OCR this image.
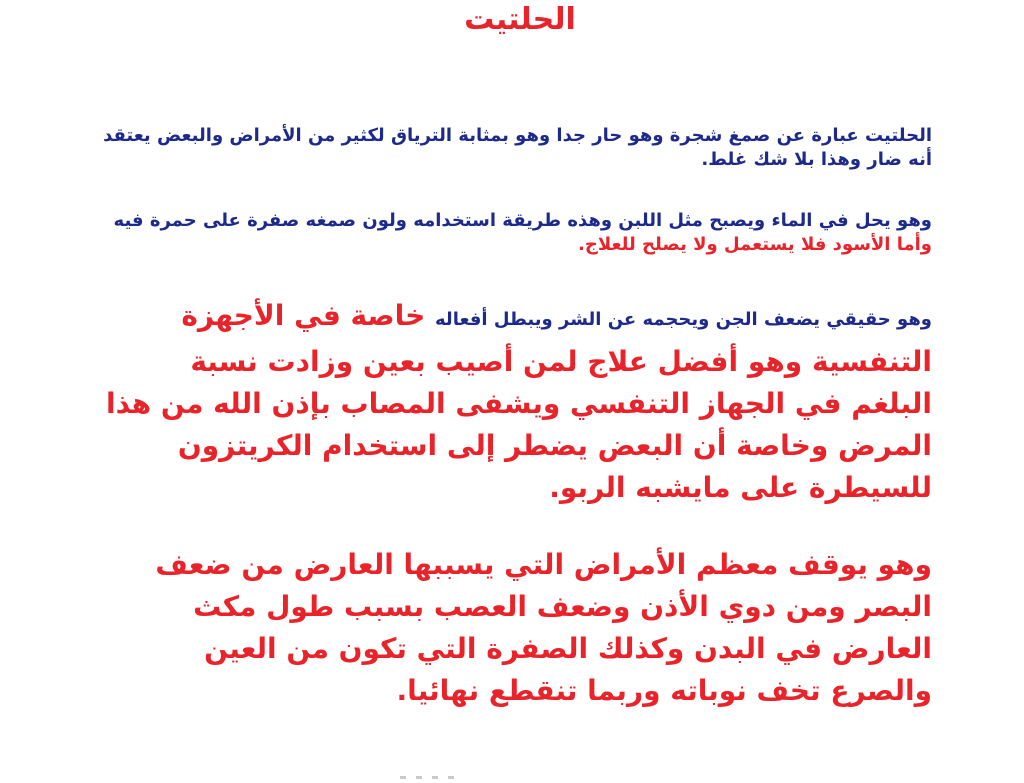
الحلتيت

الحلتيت عبارة عن صمغ شجرة وهو حار جدا وهو بمثابة الترياق لكثير من الأمراض والبعض يعتقد أنه ضار وهذا بلا شك غلط.

وهو يحل في الماء ويصبح مثل اللبن وهذه طريقة استخدامه ولون صمغه صفرة على حمرة فيه وأما الأسود فلا يستعمل ولا يصلح للعلاج.

وهو حقيقي يضعف الجن ويحجمه عن الشر ويبطل أفعاله خاصة في الأجهزة التنفسية وهو أفضل علاج لمن أصيب بعين وزادت نسبة البلغم في الجهاز التنفسي ويشفى المصاب بإذن الله من هذا المرض وخاصة أن البعض يضطر إلى استخدام الكريتزون للسيطرة على مايشبه الربو.

وهو يوقف معظم الأمراض التي يسببها العارض من ضعف البصر ومن دوي الأذن وضعف العصب بسبب طول مكث العارض في البدن وكذلك الصفرة التي تكون من العين والصرع تخف نوباته وربما تنقطع نهائيا.
